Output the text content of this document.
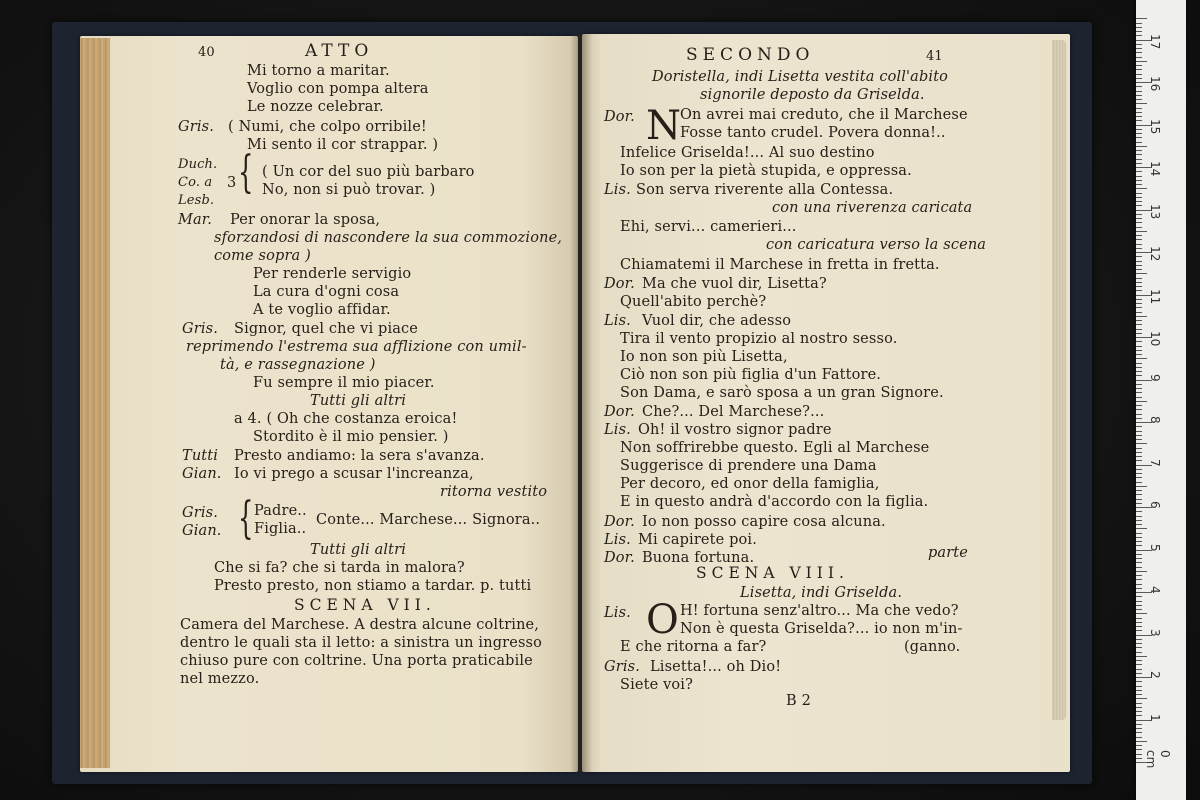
40	ATTO
Mi torno a maritar.
Voglio con pompa altera
Le nozze celebrar.
Gris. ( Numi, che colpo orribile!
Mi sento il cor strappar. )
Duch.
Co. a
Lesb.
3 { ( Un cor del suo più barbaro
No, non si può trovar. )
Mar. Per onorar la sposa,
sforzandosi di nascondere la sua commozione,
come sopra )
Per renderle servigio
La cura d'ogni cosa
A te voglio affidar.
Gris. Signor, quel che vi piace
reprimendo l'estrema sua afflizione con umil-
tà, e rassegnazione )
Fu sempre il mio piacer.
Tutti gli altri
a 4. ( Oh che costanza eroica!
Stordito è il mio pensier. )
Tutti Presto andiamo: la sera s'avanza.
Gian. Io vi prego a scusar l'increanza,
ritorna vestito
Gris.
Gian. { Padre..
Figlia..
Conte... Marchese... Signora..
Tutti gli altri
Che si fa? che si tarda in malora?
Presto presto, non stiamo a tardar. p. tutti
SCENA VII.
Camera del Marchese. A destra alcune coltrine,
dentro le quali sta il letto: a sinistra un ingresso
chiuso pure con coltrine. Una porta praticabile
nel mezzo.
SECONDO	41
Doristella, indi Lisetta vestita coll'abito
signorile deposto da Griselda.
Dor. N On avrei mai creduto, che il Marchese
Fosse tanto crudel. Povera donna!..
Infelice Griselda!... Al suo destino
Io son per la pietà stupida, e oppressa.
Lis. Son serva riverente alla Contessa.
con una riverenza caricata
Ehi, servi... camerieri...
con caricatura verso la scena
Chiamatemi il Marchese in fretta in fretta.
Dor. Ma che vuol dir, Lisetta?
Quell'abito perchè?
Lis. Vuol dir, che adesso
Tira il vento propizio al nostro sesso.
Io non son più Lisetta,
Ciò non son più figlia d'un Fattore.
Son Dama, e sarò sposa a un gran Signore.
Dor. Che?... Del Marchese?...
Lis. Oh! il vostro signor padre
Non soffrirebbe questo. Egli al Marchese
Suggerisce di prendere una Dama
Per decoro, ed onor della famiglia,
E in questo andrà d'accordo con la figlia.
Dor. Io non posso capire cosa alcuna.
Lis. Mi capirete poi.
Dor. Buona fortuna.	parte
SCENA VIII.
Lisetta, indi Griselda.
Lis. O H! fortuna senz'altro... Ma che vedo?
Non è questa Griselda?... io non m'in-
E che ritorna a far?	(ganno.
Gris. Lisetta!... oh Dio!
Siete voi?
B 2
17
16
15
14
13
12
11
10
9
8
7
6
5
4
3
2
1
0 cm
